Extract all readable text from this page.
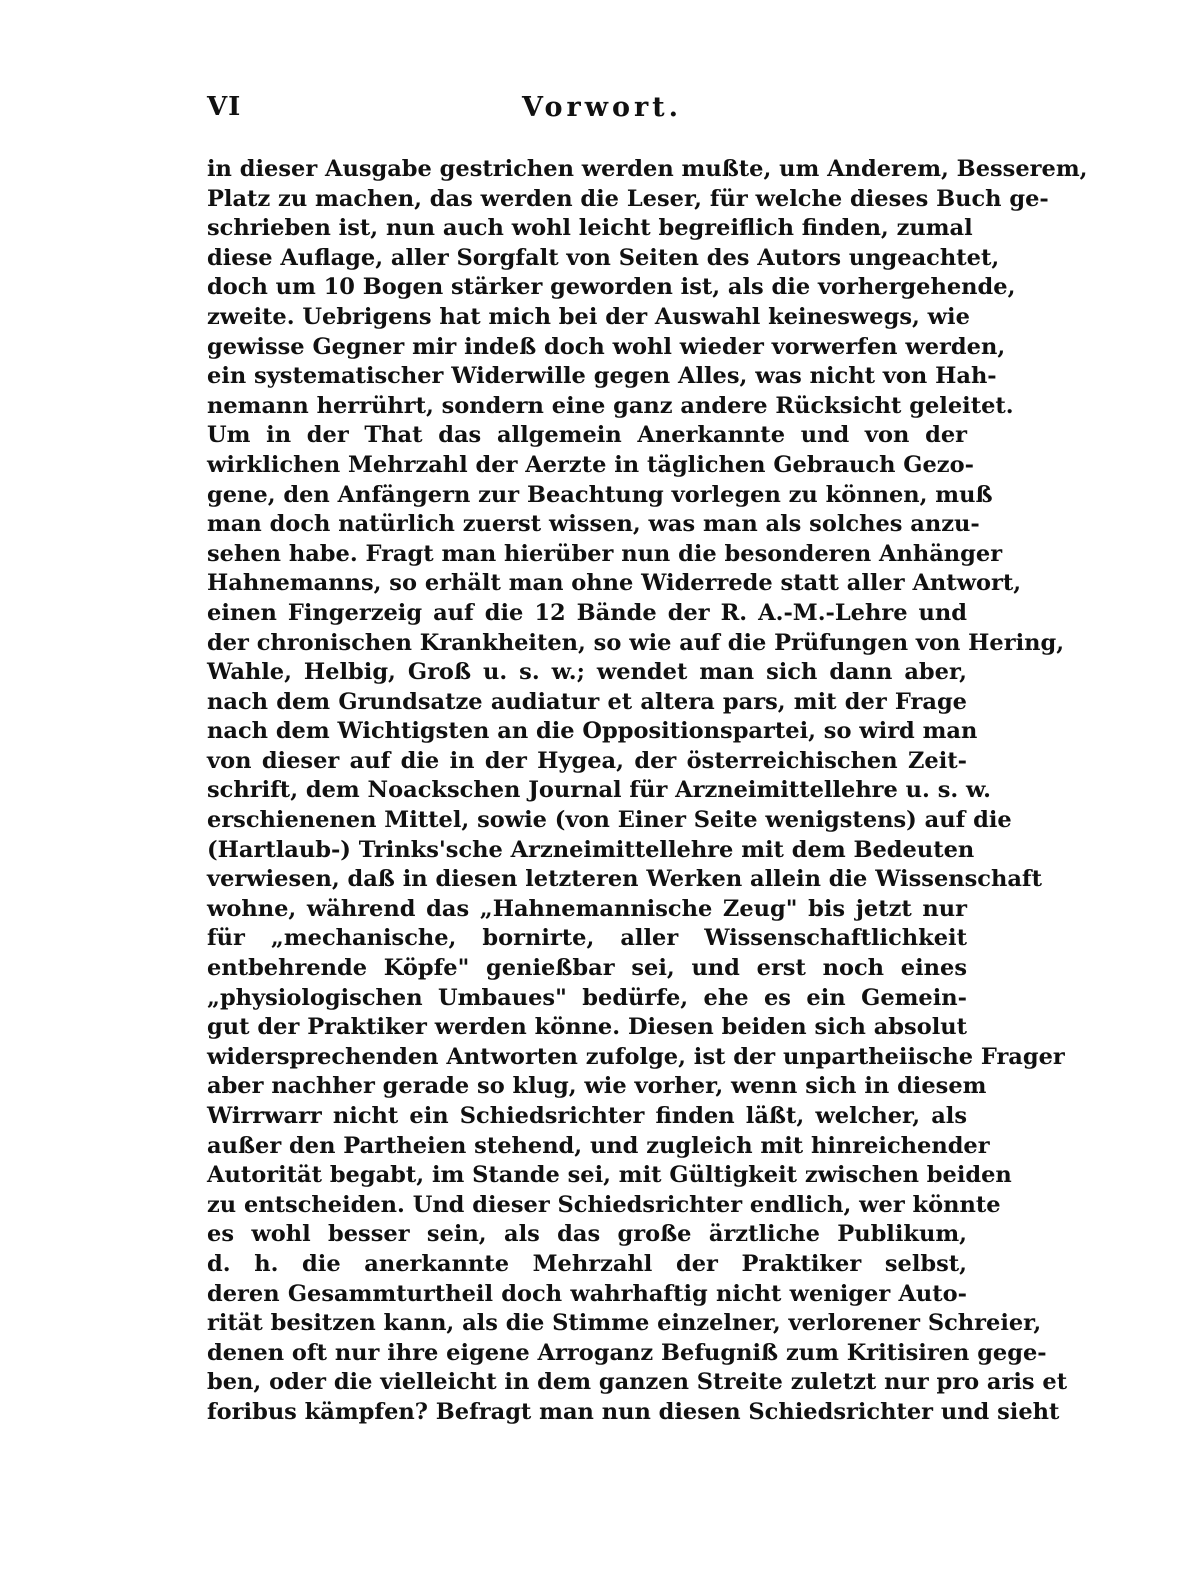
VI	Vorwort.
in dieser Ausgabe gestrichen werden mußte, um Anderem, Besserem,
Platz zu machen, das werden die Leser, für welche dieses Buch ge-
schrieben ist, nun auch wohl leicht begreiflich finden, zumal
diese Auflage, aller Sorgfalt von Seiten des Autors ungeachtet,
doch um 10 Bogen stärker geworden ist, als die vorhergehende,
zweite. Uebrigens hat mich bei der Auswahl keineswegs, wie
gewisse Gegner mir indeß doch wohl wieder vorwerfen werden,
ein systematischer Widerwille gegen Alles, was nicht von Hah-
nemann herrührt, sondern eine ganz andere Rücksicht geleitet.
Um in der That das allgemein Anerkannte und von der
wirklichen Mehrzahl der Aerzte in täglichen Gebrauch Gezo-
gene, den Anfängern zur Beachtung vorlegen zu können, muß
man doch natürlich zuerst wissen, was man als solches anzu-
sehen habe. Fragt man hierüber nun die besonderen Anhänger
Hahnemanns, so erhält man ohne Widerrede statt aller Antwort,
einen Fingerzeig auf die 12 Bände der R. A.-M.-Lehre und
der chronischen Krankheiten, so wie auf die Prüfungen von Hering,
Wahle, Helbig, Groß u. s. w.; wendet man sich dann aber,
nach dem Grundsatze audiatur et altera pars, mit der Frage
nach dem Wichtigsten an die Oppositionspartei, so wird man
von dieser auf die in der Hygea, der österreichischen Zeit-
schrift, dem Noackschen Journal für Arzneimittellehre u. s. w.
erschienenen Mittel, sowie (von Einer Seite wenigstens) auf die
(Hartlaub-) Trinks'sche Arzneimittellehre mit dem Bedeuten
verwiesen, daß in diesen letzteren Werken allein die Wissenschaft
wohne, während das „Hahnemannische Zeug" bis jetzt nur
für „mechanische, bornirte, aller Wissenschaftlichkeit
entbehrende Köpfe" genießbar sei, und erst noch eines
„physiologischen Umbaues" bedürfe, ehe es ein Gemein-
gut der Praktiker werden könne. Diesen beiden sich absolut
widersprechenden Antworten zufolge, ist der unpartheiische Frager
aber nachher gerade so klug, wie vorher, wenn sich in diesem
Wirrwarr nicht ein Schiedsrichter finden läßt, welcher, als
außer den Partheien stehend, und zugleich mit hinreichender
Autorität begabt, im Stande sei, mit Gültigkeit zwischen beiden
zu entscheiden. Und dieser Schiedsrichter endlich, wer könnte
es wohl besser sein, als das große ärztliche Publikum,
d. h. die anerkannte Mehrzahl der Praktiker selbst,
deren Gesammturtheil doch wahrhaftig nicht weniger Auto-
rität besitzen kann, als die Stimme einzelner, verlorener Schreier,
denen oft nur ihre eigene Arroganz Befugniß zum Kritisiren gege-
ben, oder die vielleicht in dem ganzen Streite zuletzt nur pro aris et
foribus kämpfen? Befragt man nun diesen Schiedsrichter und sieht
